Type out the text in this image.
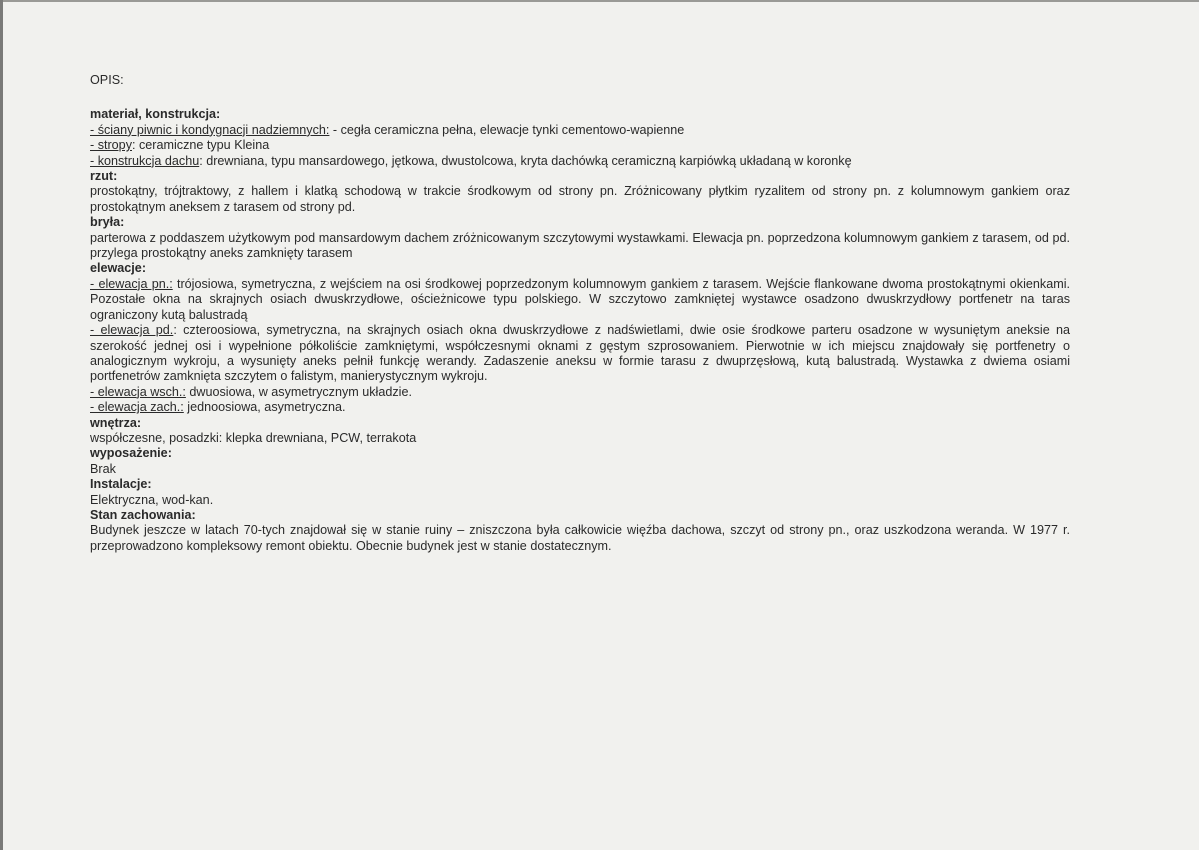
OPIS:
materiał, konstrukcja:
- ściany piwnic i kondygnacji nadziemnych: - cegła ceramiczna pełna, elewacje tynki cementowo-wapienne
- stropy: ceramiczne typu Kleina
- konstrukcja dachu: drewniana, typu mansardowego, jętkowa, dwustolcowa, kryta dachówką ceramiczną karpiówką układaną w koronkę
rzut:
prostokątny, trójtraktowy, z hallem i klatką schodową w trakcie środkowym od strony pn. Zróżnicowany płytkim ryzalitem od strony pn. z kolumnowym gankiem oraz prostokątnym aneksem z tarasem od strony pd.
bryła:
parterowa z poddaszem użytkowym pod mansardowym dachem zróżnicowanym szczytowymi wystawkami. Elewacja pn. poprzedzona kolumnowym gankiem z tarasem, od pd. przylega prostokątny aneks zamknięty tarasem
elewacje:
- elewacja pn.: trójosiowa, symetryczna, z wejściem na osi środkowej poprzedzonym kolumnowym gankiem z tarasem. Wejście flankowane dwoma prostokątnymi okienkami. Pozostałe okna na skrajnych osiach dwuskrzydłowe, ościeżnicowe typu polskiego. W szczytowo zamkniętej wystawce osadzono dwuskrzydłowy portfenetr na taras ograniczony kutą balustradą
- elewacja pd.: czteroosiowa, symetryczna, na skrajnych osiach okna dwuskrzydłowe z nadświetlami, dwie osie środkowe parteru osadzone w wysuniętym aneksie na szerokość jednej osi i wypełnione półkoliście zamkniętymi, współczesnymi oknami z gęstym szprosowaniem. Pierwotnie w ich miejscu znajdowały się portfenetry o analogicznym wykroju, a wysunięty aneks pełnił funkcję werandy. Zadaszenie aneksu w formie tarasu z dwuprzęsłową, kutą balustradą. Wystawka z dwiema osiami portfenetrów zamknięta szczytem o falistym, manierystycznym wykroju.
- elewacja wsch.: dwuosiowa, w asymetrycznym układzie.
- elewacja zach.: jednoosiowa, asymetryczna.
wnętrza:
współczesne, posadzki: klepka drewniana, PCW, terrakota
wyposażenie:
Brak
Instalacje:
Elektryczna, wod-kan.
Stan zachowania:
Budynek jeszcze w latach 70-tych znajdował się w stanie ruiny – zniszczona była całkowicie więźba dachowa, szczyt od strony pn., oraz uszkodzona weranda. W 1977 r. przeprowadzono kompleksowy remont obiektu. Obecnie budynek jest w stanie dostatecznym.
